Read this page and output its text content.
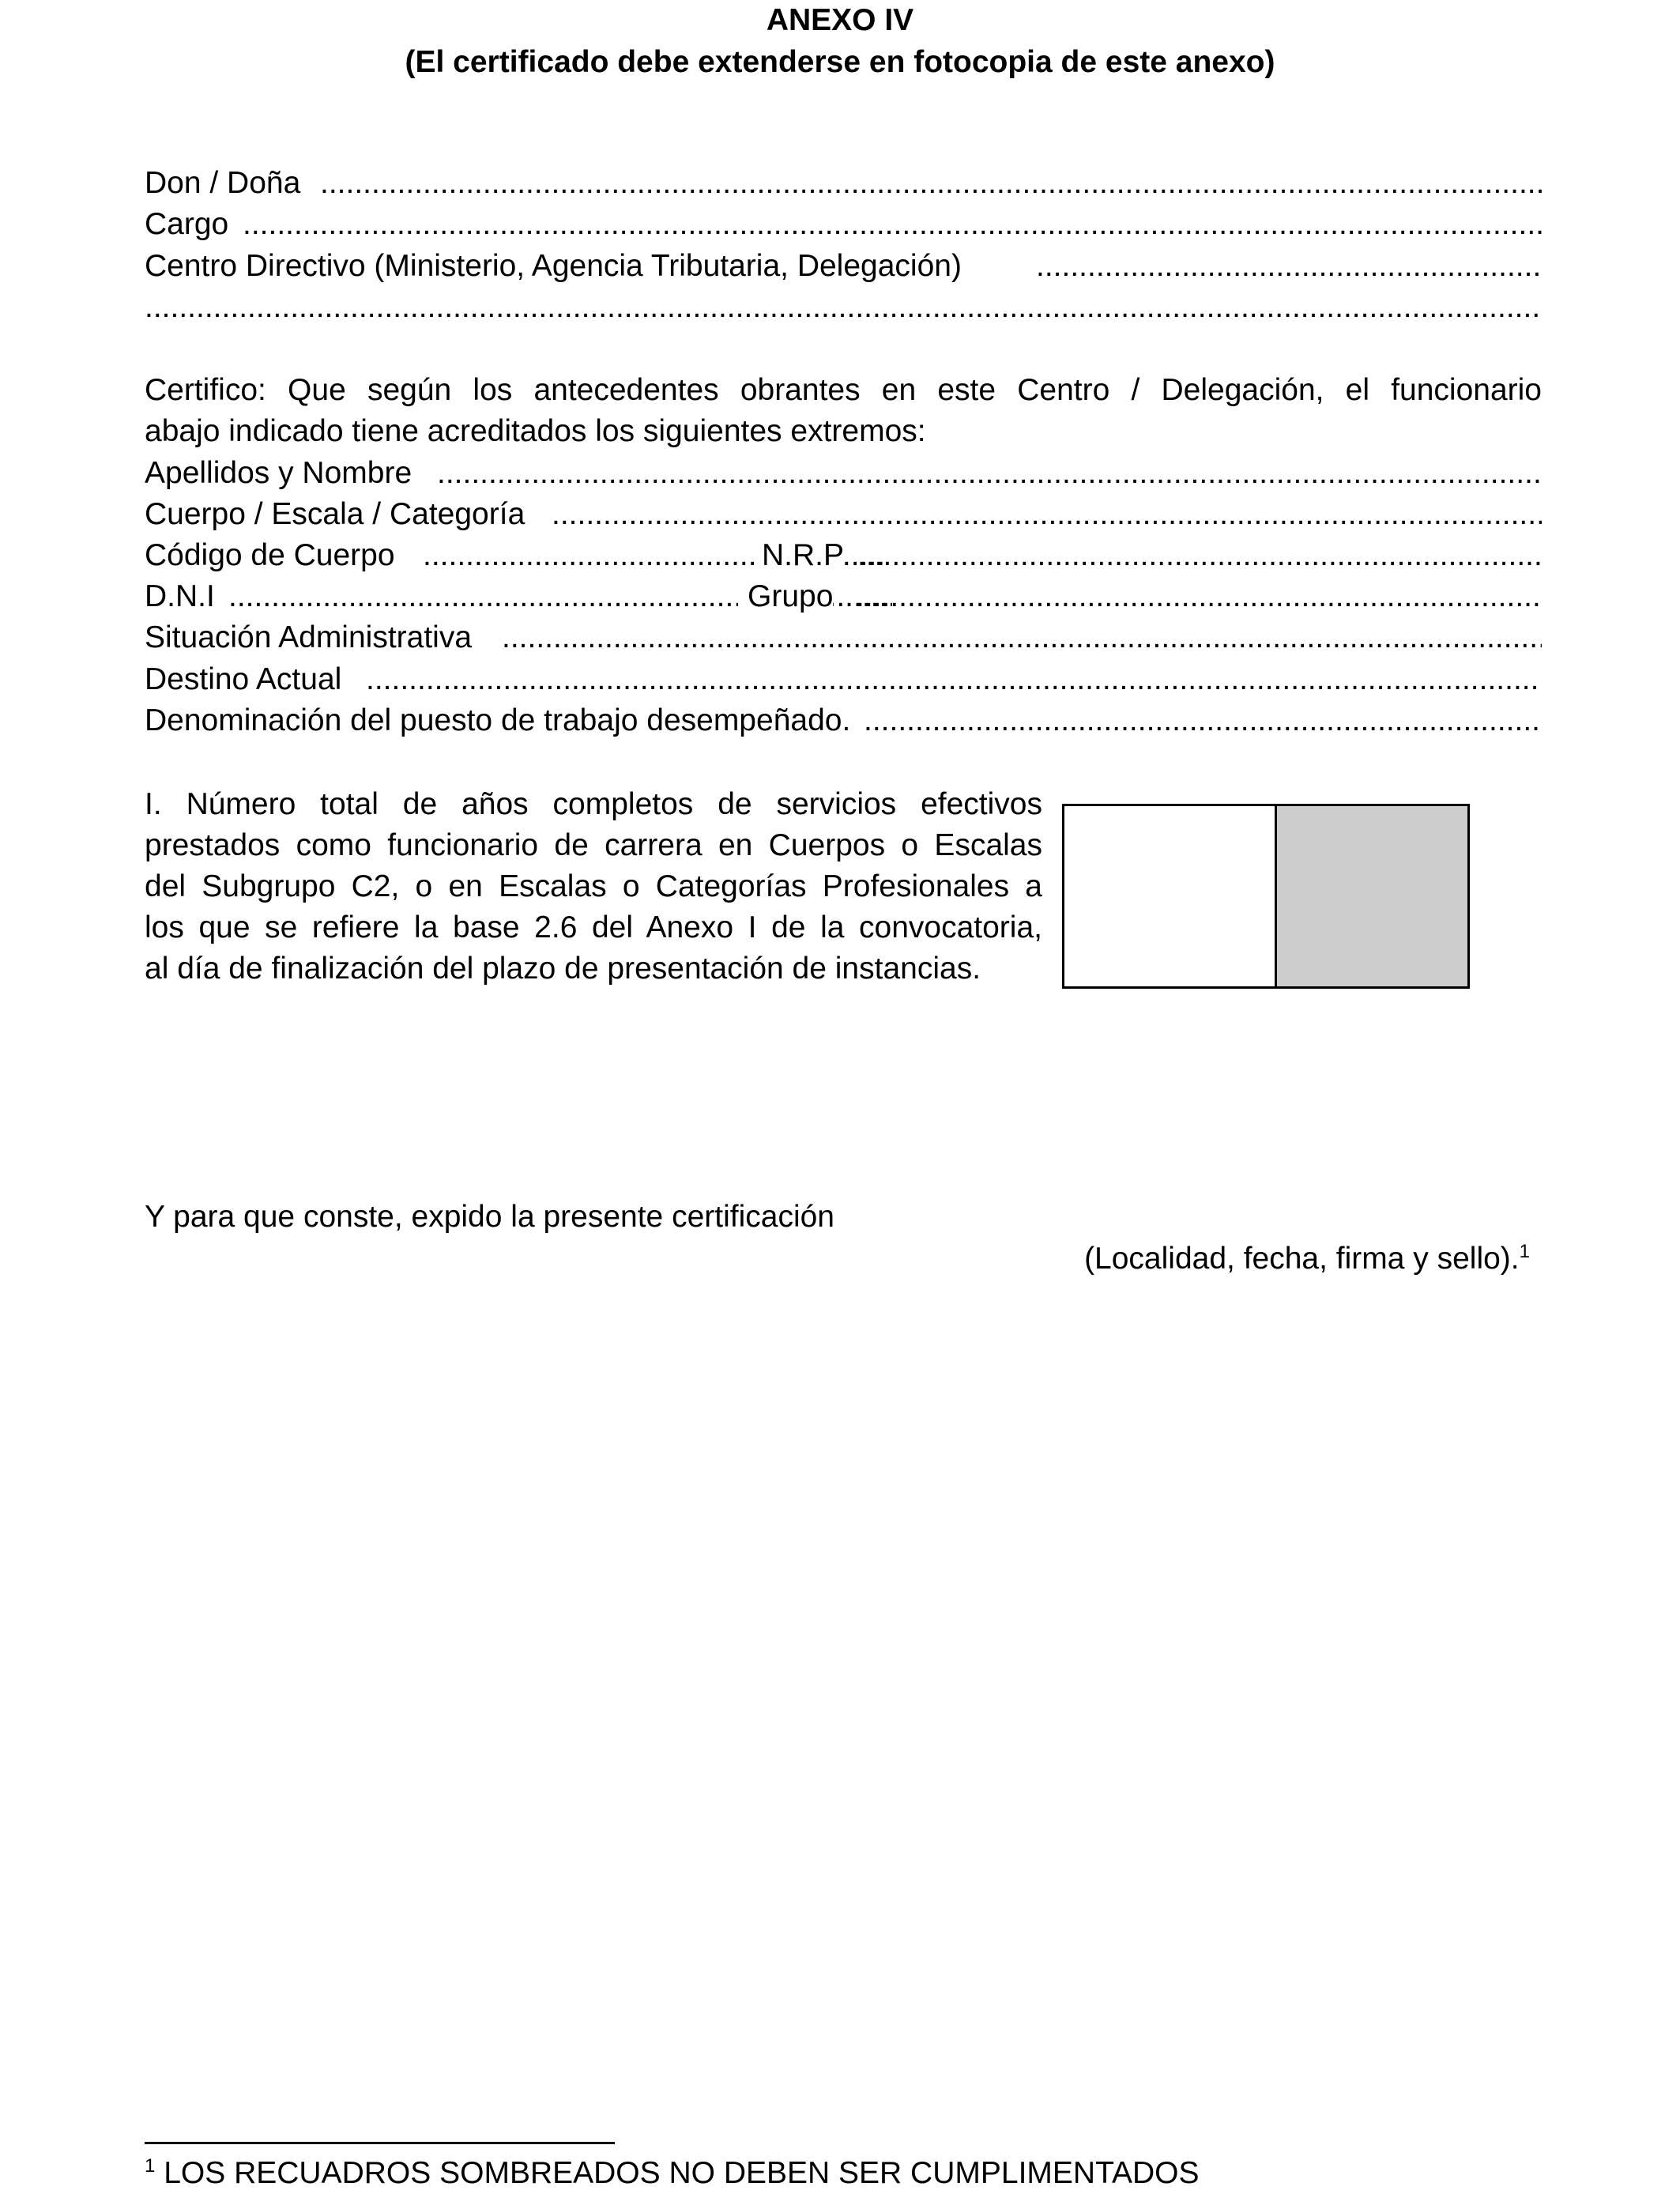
ANEXO IV
(El certificado debe extenderse en fotocopia de este anexo)
Don / Doña
.....
Cargo
.....
Centro Directivo (Ministerio, Agencia Tributaria, Delegación)
.....
.....
Certifico: Que según los antecedentes obrantes en este Centro / Delegación, el funcionario
abajo indicado tiene acreditados los siguientes extremos:
Apellidos y Nombre
.....
Cuerpo / Escala / Categoría
.....
Código de Cuerpo .....	N.R.P
.....
D.N.I .....	Grupo
.....
Situación Administrativa
.....
Destino Actual
.....
Denominación del puesto de trabajo desempeñado.
.....
I. Número total de años completos de servicios efectivos
prestados como funcionario de carrera en Cuerpos o Escalas
del Subgrupo C2, o en Escalas o Categorías Profesionales a
los que se refiere la base 2.6 del Anexo I de la convocatoria,
al día de finalización del plazo de presentación de instancias.
Y para que conste, expido la presente certificación
(Localidad, fecha, firma y sello).$^1$
$^1$ LOS RECUADROS SOMBREADOS NO DEBEN SER CUMPLIMENTADOS
